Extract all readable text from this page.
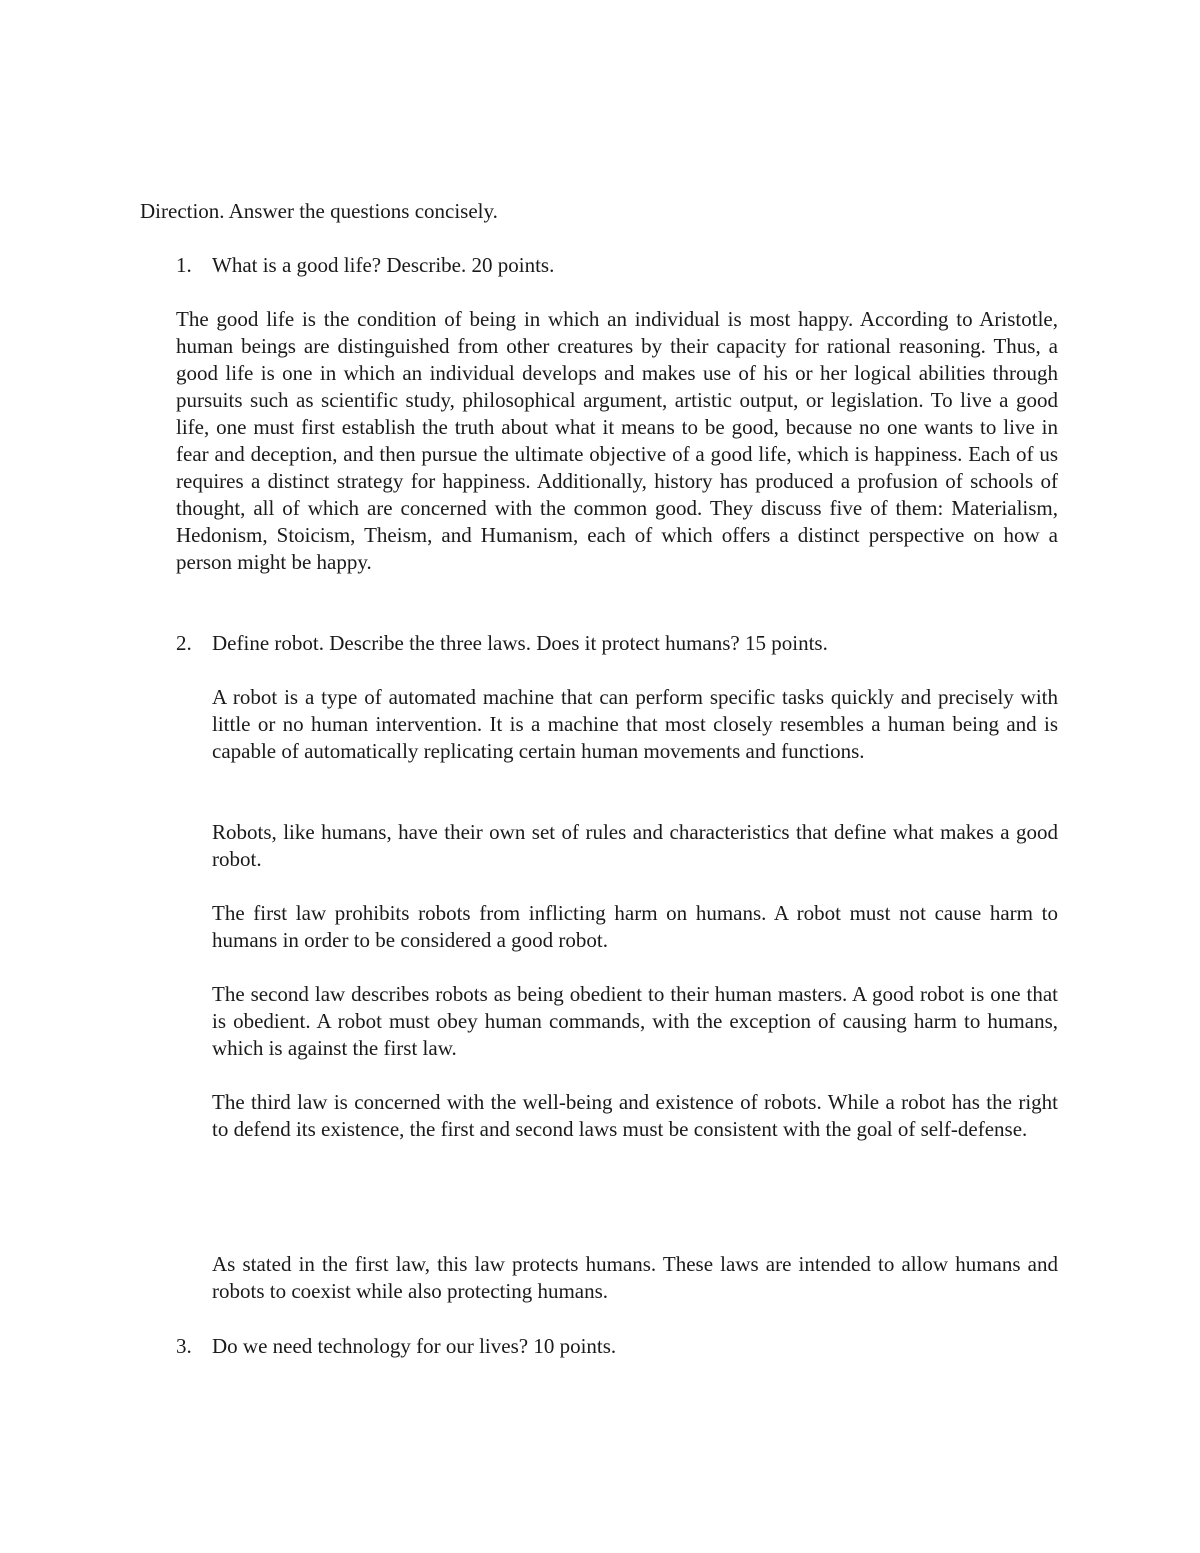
Direction. Answer the questions concisely.

1. What is a good life? Describe. 20 points.

The good life is the condition of being in which an individual is most happy. According to Aristotle, human beings are distinguished from other creatures by their capacity for rational reasoning. Thus, a good life is one in which an individual develops and makes use of his or her logical abilities through pursuits such as scientific study, philosophical argument, artistic output, or legislation. To live a good life, one must first establish the truth about what it means to be good, because no one wants to live in fear and deception, and then pursue the ultimate objective of a good life, which is happiness. Each of us requires a distinct strategy for happiness. Additionally, history has produced a profusion of schools of thought, all of which are concerned with the common good. They discuss five of them: Materialism, Hedonism, Stoicism, Theism, and Humanism, each of which offers a distinct perspective on how a person might be happy.

2. Define robot. Describe the three laws. Does it protect humans? 15 points.

A robot is a type of automated machine that can perform specific tasks quickly and precisely with little or no human intervention. It is a machine that most closely resembles a human being and is capable of automatically replicating certain human movements and functions.

Robots, like humans, have their own set of rules and characteristics that define what makes a good robot.

The first law prohibits robots from inflicting harm on humans. A robot must not cause harm to humans in order to be considered a good robot.

The second law describes robots as being obedient to their human masters. A good robot is one that is obedient. A robot must obey human commands, with the exception of causing harm to humans, which is against the first law.

The third law is concerned with the well-being and existence of robots. While a robot has the right to defend its existence, the first and second laws must be consistent with the goal of self-defense.

As stated in the first law, this law protects humans. These laws are intended to allow humans and robots to coexist while also protecting humans.

3. Do we need technology for our lives? 10 points.
